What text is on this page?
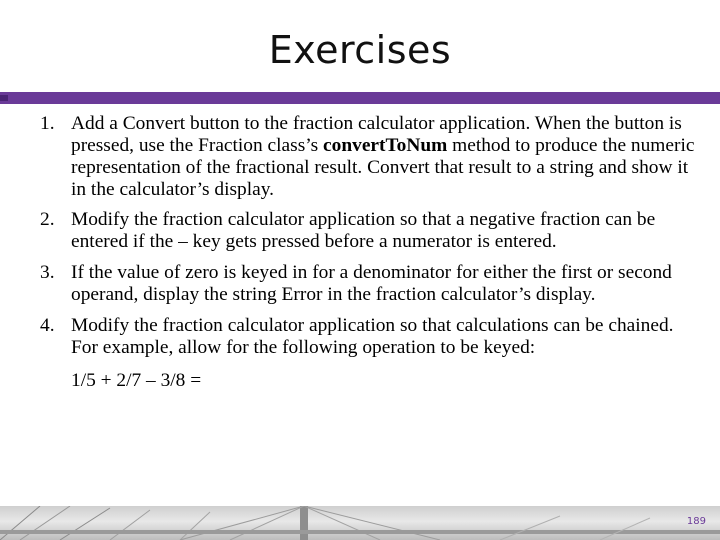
Exercises
1. Add a Convert button to the fraction calculator application. When the button is pressed, use the Fraction class’s convertToNum method to produce the numeric representation of the fractional result. Convert that result to a string and show it in the calculator’s display.
2. Modify the fraction calculator application so that a negative fraction can be entered if the – key gets pressed before a numerator is entered.
3. If the value of zero is keyed in for a denominator for either the first or second operand, display the string Error in the fraction calculator’s display.
4. Modify the fraction calculator application so that calculations can be chained. For example, allow for the following operation to be keyed:
1/5 + 2/7 – 3/8 =
189
